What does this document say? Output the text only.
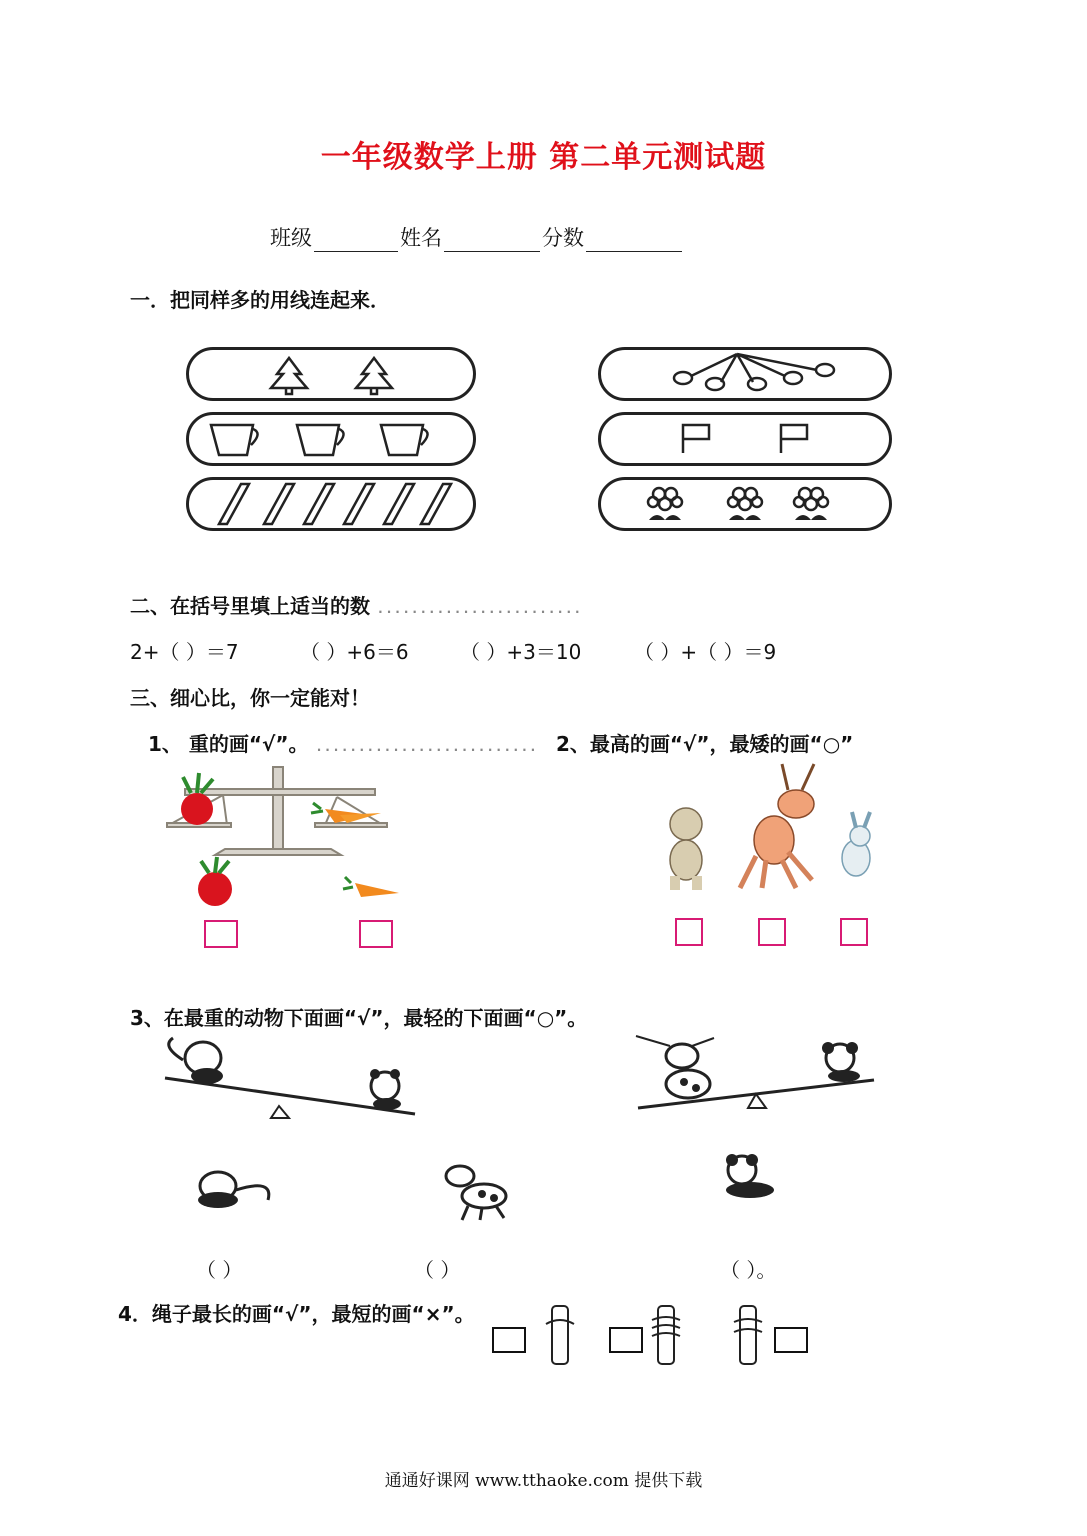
一年级数学上册 第二单元测试题
班级	姓名	分数
一．把同样多的用线连起来．
二、在括号里填上适当的数 ........................
2+（ ）＝7	（ ）+6＝6	（ ）+3＝10	（ ）+（ ）＝9
三、细心比，你一定能对！
1、 重的画“√”。 .......................... 2、最高的画“√”，最矮的画“○”
3、在最重的动物下面画“√”，最轻的下面画“○”。
（ ）	（ ）	（ ）。
4．绳子最长的画“√”，最短的画“×”。
通通好课网 www.tthaoke.com 提供下载
